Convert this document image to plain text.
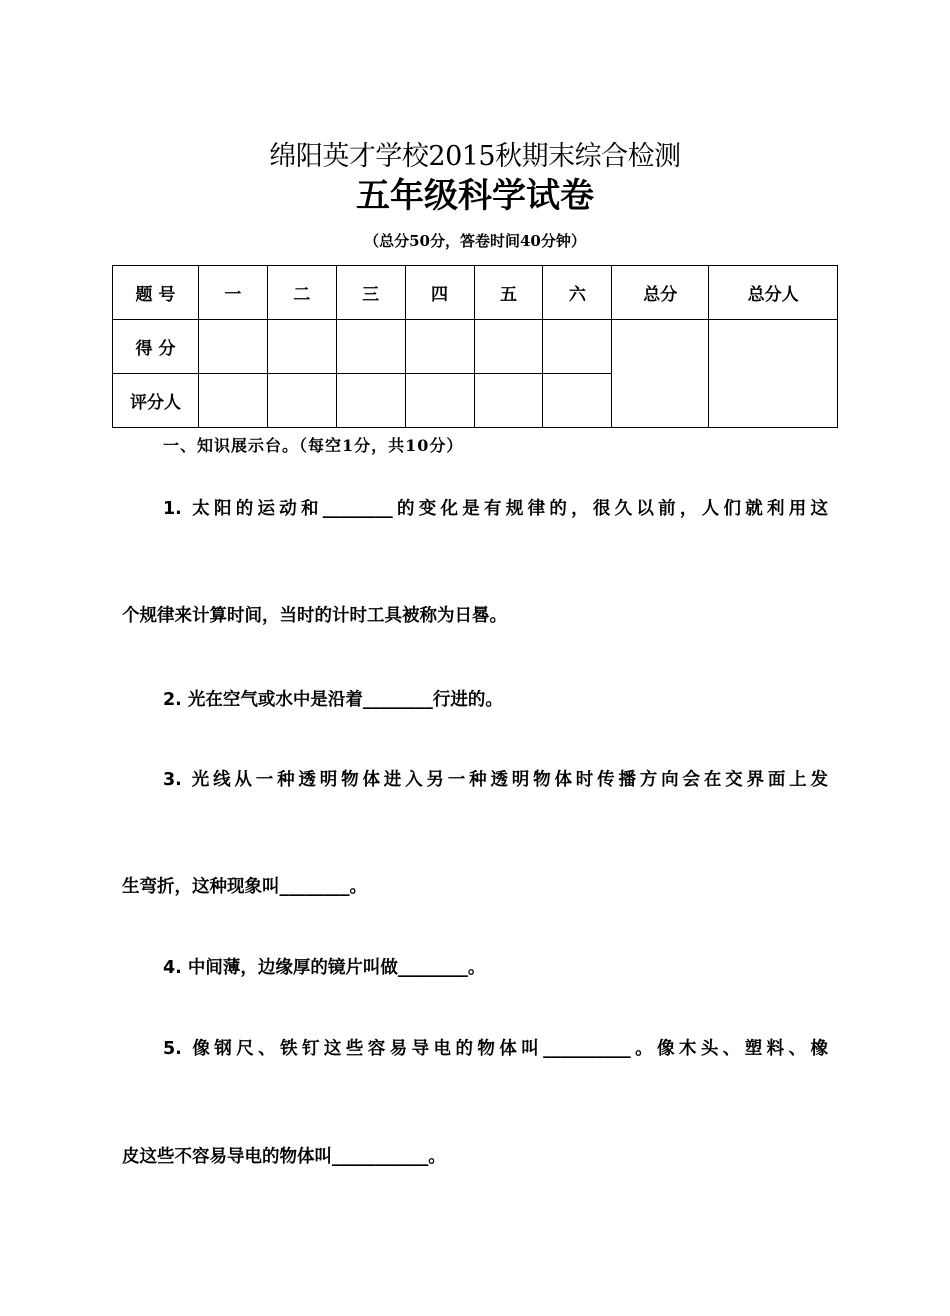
绵阳英才学校2015秋期末综合检测
五年级科学试卷
（总分50分，答卷时间40分钟）
题 号	一	二	三	四	五	六	总分	总分人
得 分								
评分人								
一、知识展示台。（每空1分，共10分）
1. 太阳的运动和________的变化是有规律的，很久以前，人们就利用这
个规律来计算时间，当时的计时工具被称为日晷。
2. 光在空气或水中是沿着________行进的。
3. 光线从一种透明物体进入另一种透明物体时传播方向会在交界面上发
生弯折，这种现象叫________。
4. 中间薄，边缘厚的镜片叫做________。
5. 像钢尺、铁钉这些容易导电的物体叫__________。像木头、塑料、橡
皮这些不容易导电的物体叫___________。
